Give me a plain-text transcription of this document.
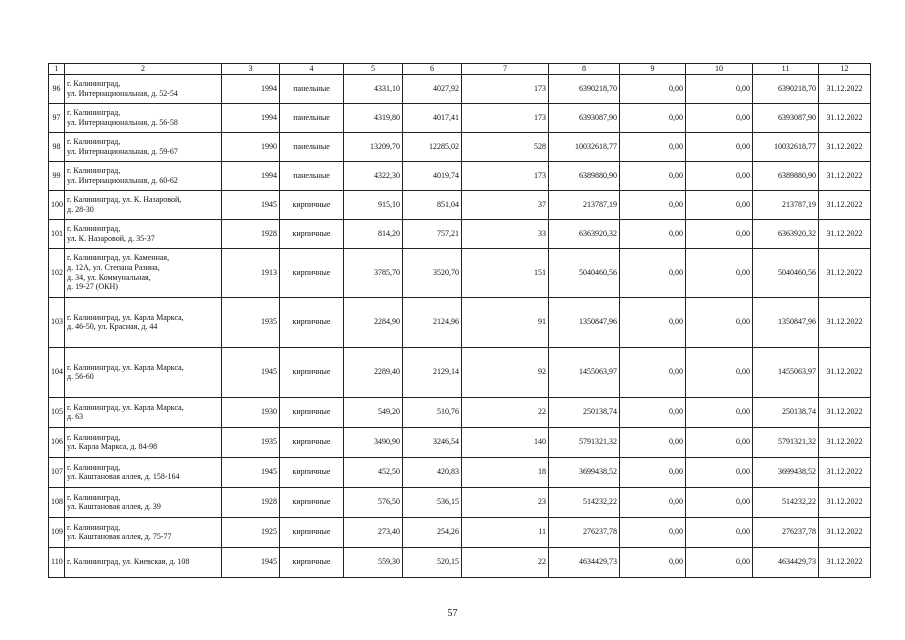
1	2	3	4	5	6	7	8	9	10	11	12
96	г. Калининград,
ул. Интернациональная, д. 52-54	1994	панельные	4331,10	4027,92	173	6390218,70	0,00	0,00	6390218,70	31.12.2022
97	г. Калининград,
ул. Интернациональная, д. 56-58	1994	панельные	4319,80	4017,41	173	6393087,90	0,00	0,00	6393087,90	31.12.2022
98	г. Калининград,
ул. Интернациональная, д. 59-67	1990	панельные	13209,70	12285,02	528	10032618,77	0,00	0,00	10032618,77	31.12.2022
99	г. Калининград,
ул. Интернациональная, д. 60-62	1994	панельные	4322,30	4019,74	173	6389880,90	0,00	0,00	6389880,90	31.12.2022
100	г. Калининград, ул. К. Назаровой,
д. 28-30	1945	кирпичные	915,10	851,04	37	213787,19	0,00	0,00	213787,19	31.12.2022
101	г. Калининград,
ул. К. Назаровой, д. 35-37	1928	кирпичные	814,20	757,21	33	6363920,32	0,00	0,00	6363920,32	31.12.2022
102	г. Калининград, ул. Каменная,
д. 12А, ул. Степана Разина,
д. 34, ул. Коммунальная,
д. 19-27 (ОКН)	1913	кирпичные	3785,70	3520,70	151	5040460,56	0,00	0,00	5040460,56	31.12.2022
103	г. Калининград, ул. Карла Маркса,
д. 46-50, ул. Красная, д. 44	1935	кирпичные	2284,90	2124,96	91	1350847,96	0,00	0,00	1350847,96	31.12.2022
104	г. Калининград, ул. Карла Маркса,
д. 56-60	1945	кирпичные	2289,40	2129,14	92	1455063,97	0,00	0,00	1455063,97	31.12.2022
105	г. Калининград, ул. Карла Маркса,
д. 63	1930	кирпичные	549,20	510,76	22	250138,74	0,00	0,00	250138,74	31.12.2022
106	г. Калининград,
ул. Карла Маркса, д. 84-98	1935	кирпичные	3490,90	3246,54	140	5791321,32	0,00	0,00	5791321,32	31.12.2022
107	г. Калининград,
ул. Каштановая аллея, д. 158-164	1945	кирпичные	452,50	420,83	18	3699438,52	0,00	0,00	3699438,52	31.12.2022
108	г. Калининград,
ул. Каштановая аллея, д. 39	1928	кирпичные	576,50	536,15	23	514232,22	0,00	0,00	514232,22	31.12.2022
109	г. Калининград,
ул. Каштановая аллея, д. 75-77	1925	кирпичные	273,40	254,26	11	276237,78	0,00	0,00	276237,78	31.12.2022
110	г. Калининград, ул. Киевская, д. 108	1945	кирпичные	559,30	520,15	22	4634429,73	0,00	0,00	4634429,73	31.12.2022
57
